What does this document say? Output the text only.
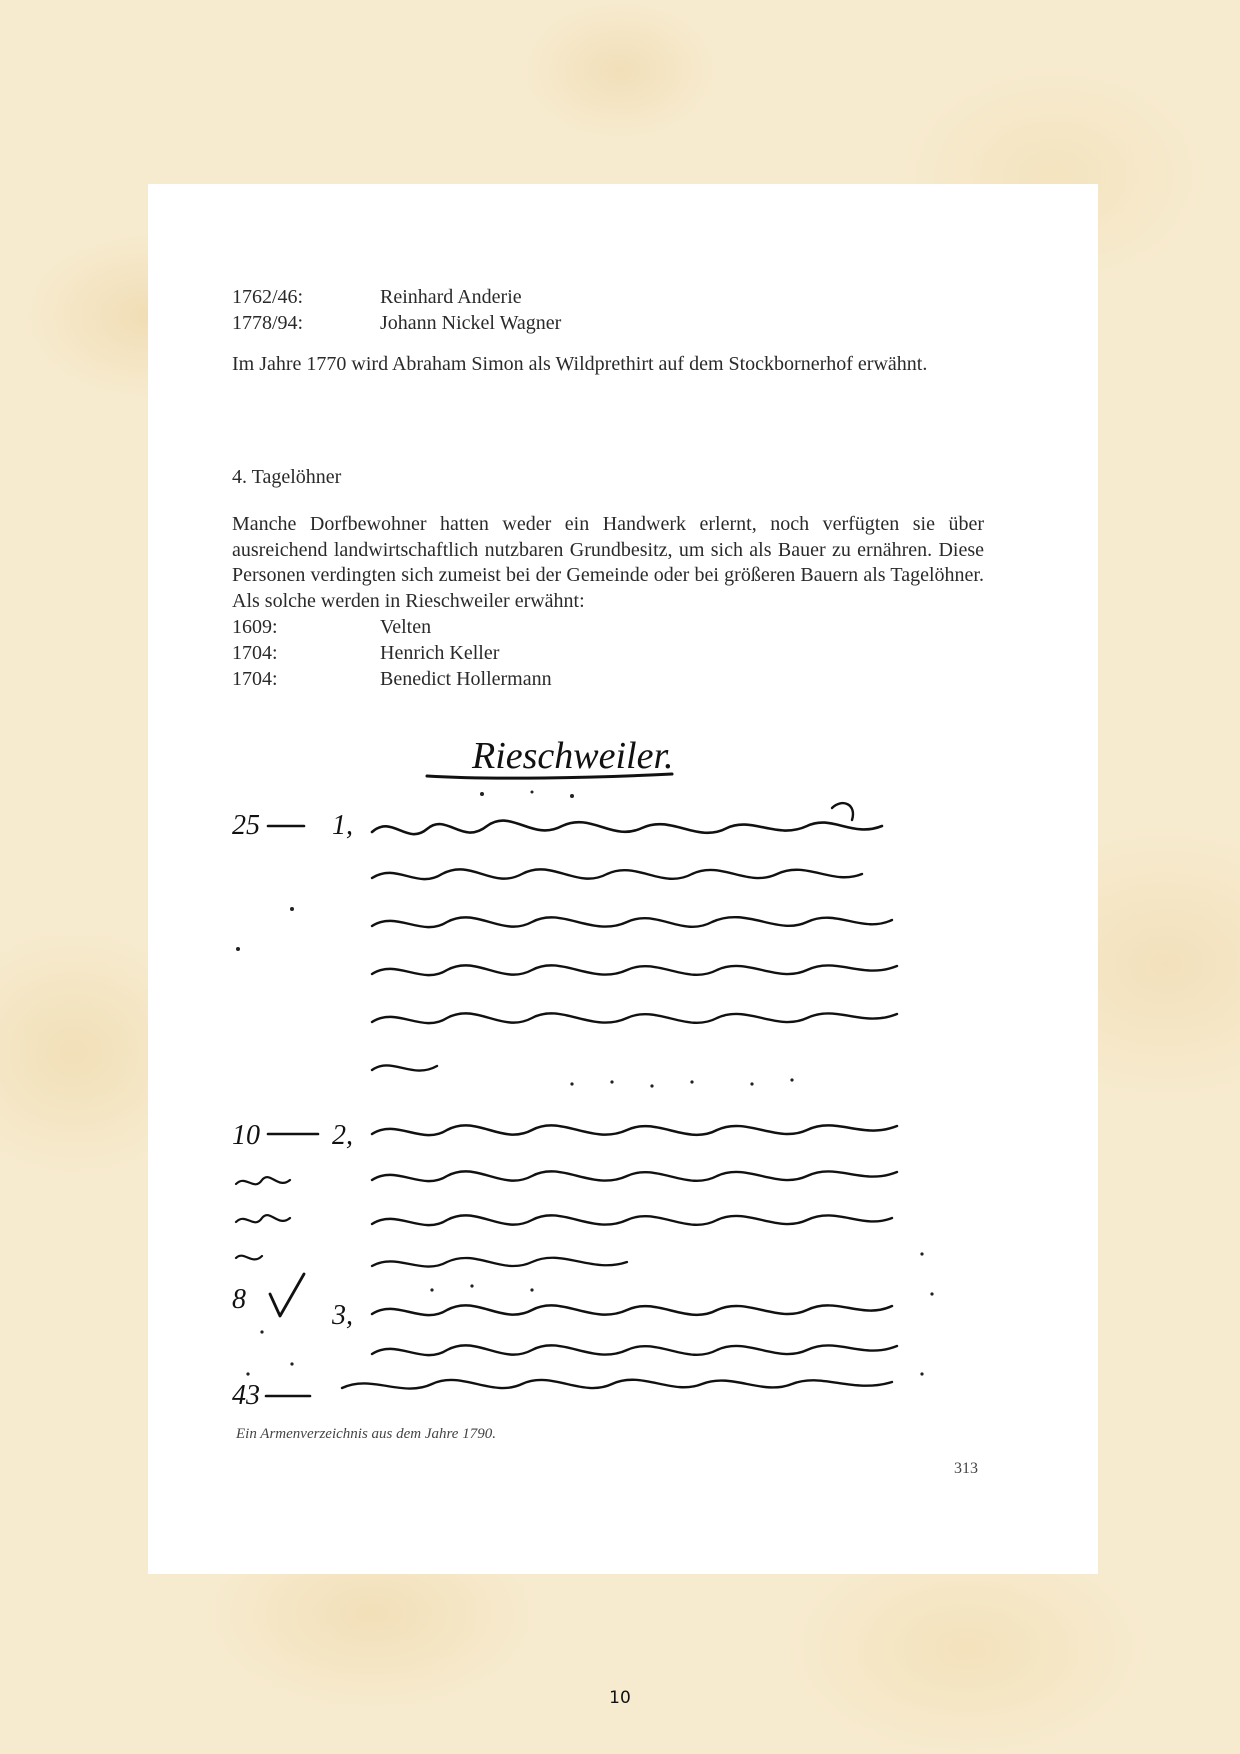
1762/46:	Reinhard Anderie
1778/94:	Johann Nickel Wagner
Im Jahre 1770 wird Abraham Simon als Wildprethirt auf dem Stockbornerhof erwähnt.
4. Tagelöhner
Manche Dorfbewohner hatten weder ein Handwerk erlernt, noch verfügten sie über ausreichend landwirtschaftlich nutzbaren Grundbesitz, um sich als Bauer zu ernähren. Diese Personen verdingten sich zumeist bei der Gemeinde oder bei größeren Bauern als Tagelöhner. Als solche werden in Rieschweiler erwähnt:
1609:	Velten
1704:	Henrich Keller
1704:	Benedict Hollermann
Rieschweiler.
25
10
8
43
1,
2,
3,
Ein Armenverzeichnis aus dem Jahre 1790.
313
10
